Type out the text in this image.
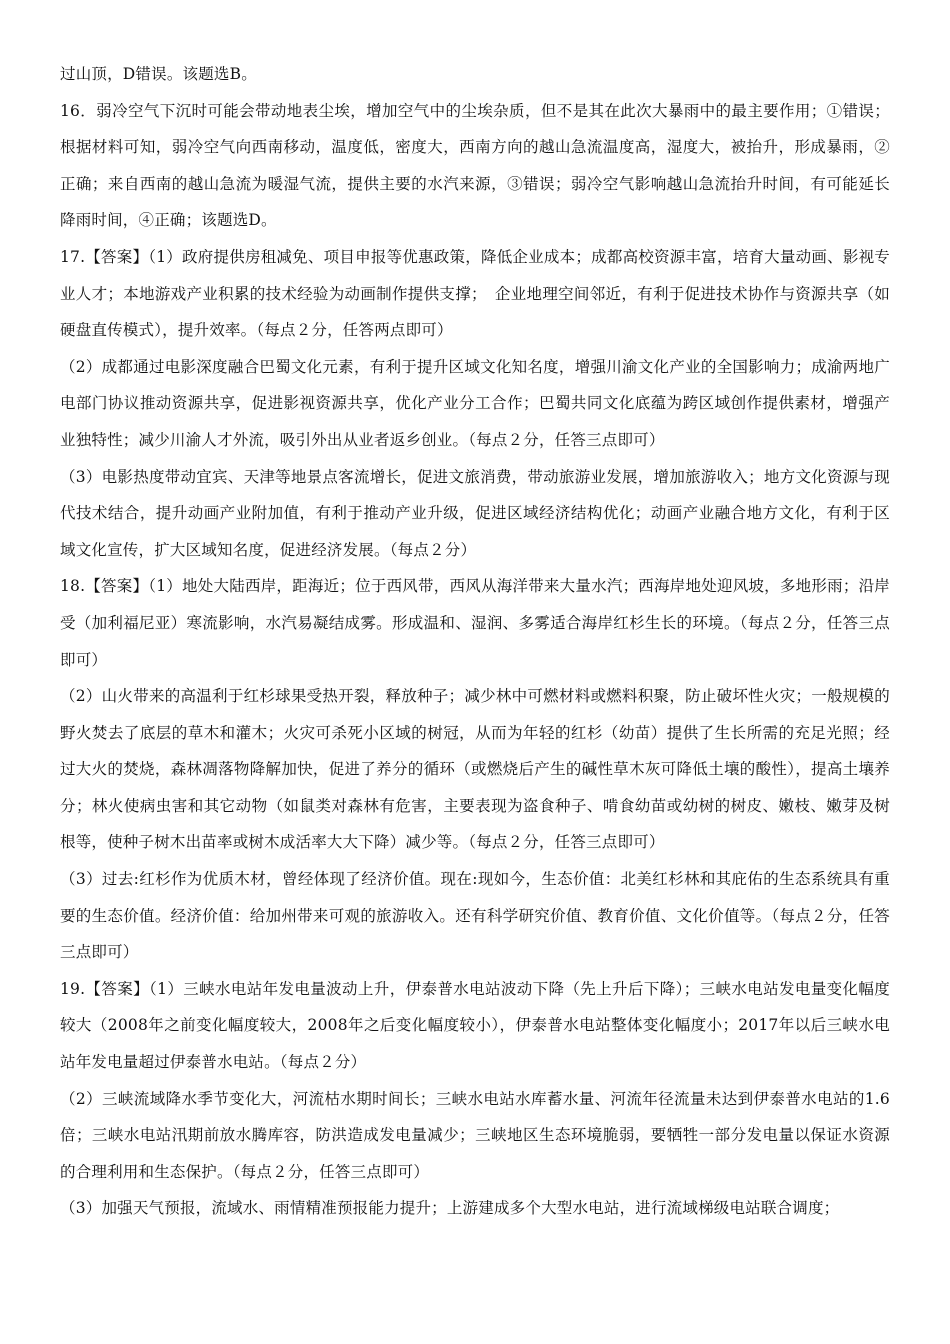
过山顶，D错误。该题选B。

16．弱冷空气下沉时可能会带动地表尘埃，增加空气中的尘埃杂质，但不是其在此次大暴雨中的最主要作用；①错误；根据材料可知，弱冷空气向西南移动，温度低，密度大，西南方向的越山急流温度高，湿度大，被抬升，形成暴雨，②正确；来自西南的越山急流为暖湿气流，提供主要的水汽来源，③错误；弱冷空气影响越山急流抬升时间，有可能延长降雨时间，④正确；该题选D。

17.【答案】（1）政府提供房租减免、项目申报等优惠政策，降低企业成本；成都高校资源丰富，培育大量动画、影视专业人才；本地游戏产业积累的技术经验为动画制作提供支撑；　企业地理空间邻近，有利于促进技术协作与资源共享（如硬盘直传模式），提升效率。（每点２分，任答两点即可）

（2）成都通过电影深度融合巴蜀文化元素，有利于提升区域文化知名度，增强川渝文化产业的全国影响力；成渝两地广电部门协议推动资源共享，促进影视资源共享，优化产业分工合作；巴蜀共同文化底蕴为跨区域创作提供素材，增强产业独特性；减少川渝人才外流，吸引外出从业者返乡创业。（每点２分，任答三点即可）

（3）电影热度带动宜宾、天津等地景点客流增长，促进文旅消费，带动旅游业发展，增加旅游收入；地方文化资源与现代技术结合，提升动画产业附加值，有利于推动产业升级，促进区域经济结构优化；动画产业融合地方文化，有利于区域文化宣传，扩大区域知名度，促进经济发展。（每点２分）

18.【答案】（1）地处大陆西岸，距海近；位于西风带，西风从海洋带来大量水汽；西海岸地处迎风坡，多地形雨；沿岸受（加利福尼亚）寒流影响，水汽易凝结成雾。形成温和、湿润、多雾适合海岸红杉生长的环境。（每点２分，任答三点即可）

（2）山火带来的高温利于红杉球果受热开裂，释放种子；减少林中可燃材料或燃料积聚，防止破坏性火灾；一般规模的野火焚去了底层的草木和灌木；火灾可杀死小区域的树冠，从而为年轻的红杉（幼苗）提供了生长所需的充足光照；经过大火的焚烧，森林凋落物降解加快，促进了养分的循环（或燃烧后产生的碱性草木灰可降低土壤的酸性），提高土壤养分；林火使病虫害和其它动物（如鼠类对森林有危害，主要表现为盗食种子、啃食幼苗或幼树的树皮、嫩枝、嫩芽及树根等，使种子树木出苗率或树木成活率大大下降）减少等。（每点２分，任答三点即可）

（3）过去:红杉作为优质木材，曾经体现了经济价值。现在:现如今，生态价值：北美红杉林和其庇佑的生态系统具有重要的生态价值。经济价值：给加州带来可观的旅游收入。还有科学研究价值、教育价值、文化价值等。（每点２分，任答三点即可）

19.【答案】（1）三峡水电站年发电量波动上升，伊泰普水电站波动下降（先上升后下降）；三峡水电站发电量变化幅度较大（2008年之前变化幅度较大，2008年之后变化幅度较小），伊泰普水电站整体变化幅度小；2017年以后三峡水电站年发电量超过伊泰普水电站。（每点２分）

（2）三峡流域降水季节变化大，河流枯水期时间长；三峡水电站水库蓄水量、河流年径流量未达到伊泰普水电站的1.6倍；三峡水电站汛期前放水腾库容，防洪造成发电量减少；三峡地区生态环境脆弱，要牺牲一部分发电量以保证水资源的合理利用和生态保护。（每点２分，任答三点即可）

（3）加强天气预报，流域水、雨情精准预报能力提升；上游建成多个大型水电站，进行流域梯级电站联合调度；
